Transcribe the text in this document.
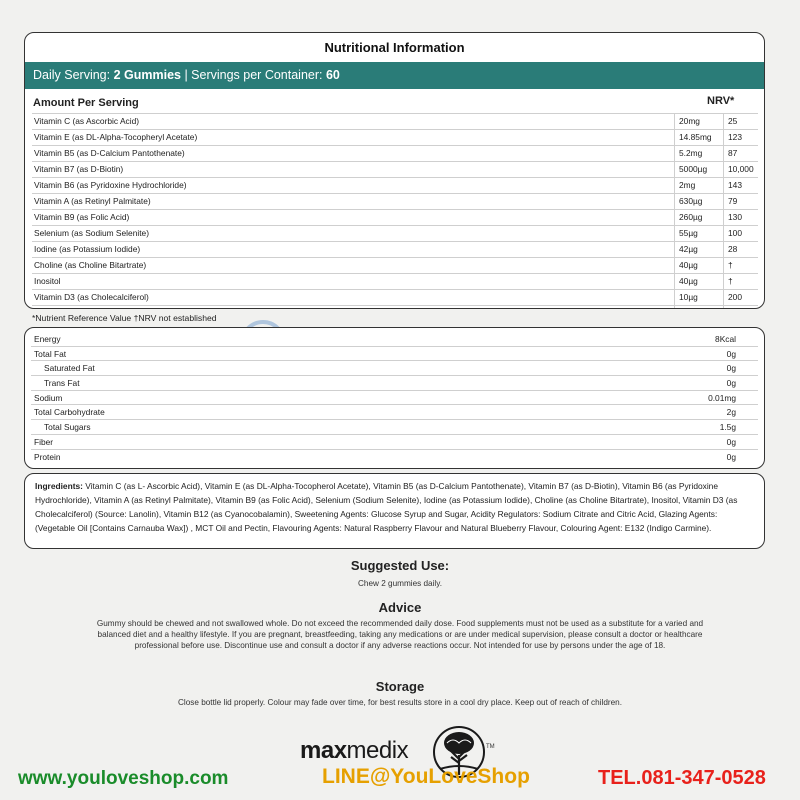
Nutritional Information
Daily Serving: 2 Gummies | Servings per Container: 60
Amount Per Serving	NRV*
Vitamin C (as Ascorbic Acid)	20mg	25
Vitamin E (as DL-Alpha-Tocopheryl Acetate)	14.85mg	123
Vitamin B5 (as D-Calcium Pantothenate)	5.2mg	87
Vitamin B7 (as D-Biotin)	5000µg	10,000
Vitamin B6 (as Pyridoxine Hydrochloride)	2mg	143
Vitamin A (as Retinyl Palmitate)	630µg	79
Vitamin B9 (as Folic Acid)	260µg	130
Selenium (as Sodium Selenite)	55µg	100
Iodine (as Potassium Iodide)	42µg	28
Choline (as Choline Bitartrate)	40µg	†
Inositol	40µg	†
Vitamin D3 (as Cholecalciferol)	10µg	200
*Nutrient Reference Value †NRV not established
Energy	8Kcal
Total Fat	0g
Saturated Fat	0g
Trans Fat	0g
Sodium	0.01mg
Total Carbohydrate	2g
Total Sugars	1.5g
Fiber	0g
Protein	0g

Ingredients: Vitamin C (as L- Ascorbic Acid), Vitamin E (as DL-Alpha-Tocopherol Acetate), Vitamin B5 (as D-Calcium Pantothenate), Vitamin B7 (as D-Biotin), Vitamin B6 (as Pyridoxine Hydrochloride), Vitamin A (as Retinyl Palmitate), Vitamin B9 (as Folic Acid), Selenium (Sodium Selenite), Iodine (as Potassium Iodide), Choline (as Choline Bitartrate), Inositol, Vitamin D3 (as Cholecalciferol) (Source: Lanolin), Vitamin B12 (as Cyanocobalamin), Sweetening Agents: Glucose Syrup and Sugar, Acidity Regulators: Sodium Citrate and Citric Acid, Glazing Agents: (Vegetable Oil [Contains Carnauba Wax]) , MCT Oil and Pectin, Flavouring Agents: Natural Raspberry Flavour and Natural Blueberry Flavour, Colouring Agent: E132 (Indigo Carmine).

Suggested Use:
Chew 2 gummies daily.
Advice
Gummy should be chewed and not swallowed whole. Do not exceed the recommended daily dose. Food supplements must not be used as a substitute for a varied and balanced diet and a healthy lifestyle. If you are pregnant, breastfeeding, taking any medications or are under medical supervision, please consult a doctor or healthcare professional before use. Discontinue use and consult a doctor if any adverse reactions occur. Not intended for use by persons under the age of 18.
Storage
Close bottle lid properly. Colour may fade over time, for best results store in a cool dry place. Keep out of reach of children.
maxmedix	TM
www.youloveshop.com	LINE@YouLoveShop	TEL.081-347-0528
